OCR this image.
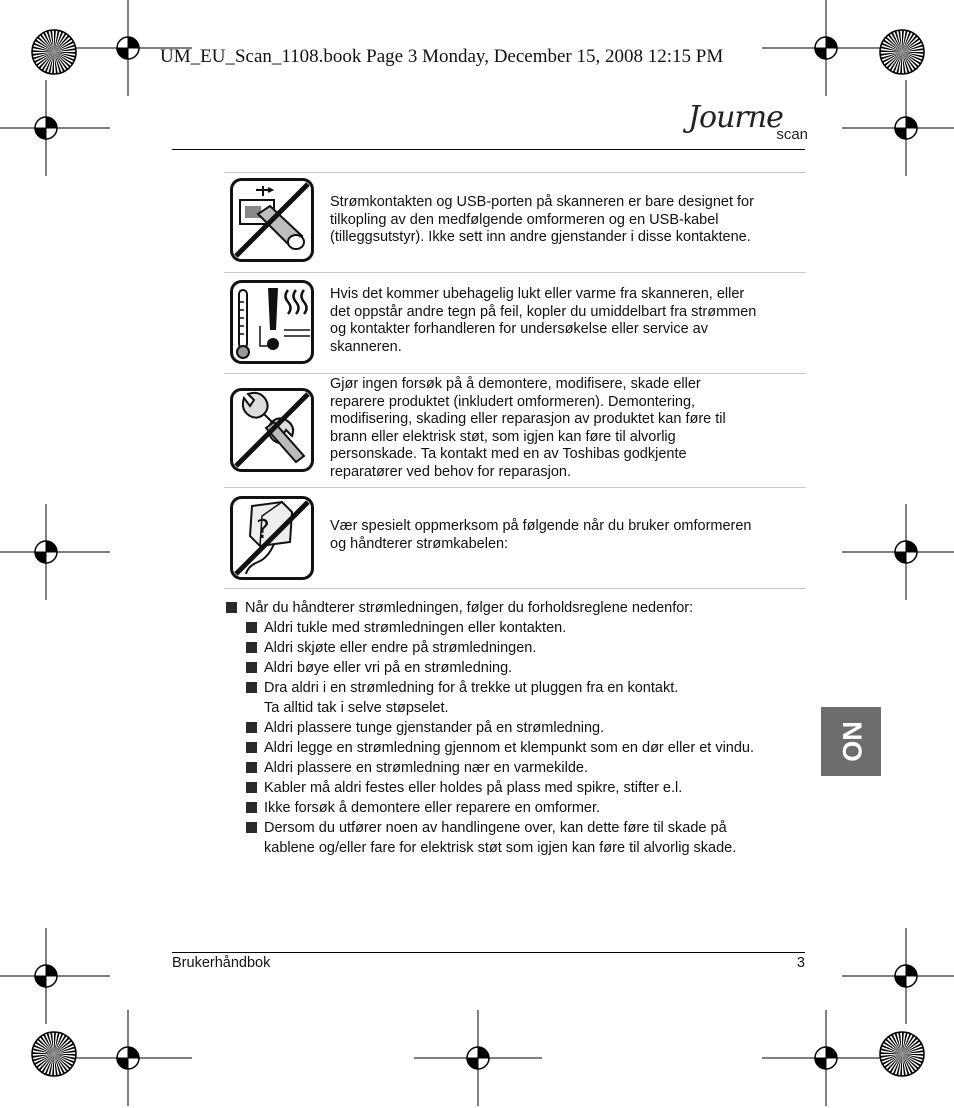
UM_EU_Scan_1108.book Page 3 Monday, December 15, 2008 12:15 PM
Journe
scan
Strømkontakten og USB-porten på skanneren er bare designet for
tilkopling av den medfølgende omformeren og en USB-kabel
(tilleggsutstyr). Ikke sett inn andre gjenstander i disse kontaktene.
Hvis det kommer ubehagelig lukt eller varme fra skanneren, eller
det oppstår andre tegn på feil, kopler du umiddelbart fra strømmen
og kontakter forhandleren for undersøkelse eller service av
skanneren.
Gjør ingen forsøk på å demontere, modifisere, skade eller
reparere produktet (inkludert omformeren). Demontering,
modifisering, skading eller reparasjon av produktet kan føre til
brann eller elektrisk støt, som igjen kan føre til alvorlig
personskade. Ta kontakt med en av Toshibas godkjente
reparatører ved behov for reparasjon.
?	Vær spesielt oppmerksom på følgende når du bruker omformeren
og håndterer strømkabelen:
Når du håndterer strømledningen, følger du forholdsreglene nedenfor:
Aldri tukle med strømledningen eller kontakten.
Aldri skjøte eller endre på strømledningen.
Aldri bøye eller vri på en strømledning.
Dra aldri i en strømledning for å trekke ut pluggen fra en kontakt.
Ta alltid tak i selve støpselet.
Aldri plassere tunge gjenstander på en strømledning.
Aldri legge en strømledning gjennom et klempunkt som en dør eller et vindu.
Aldri plassere en strømledning nær en varmekilde.
Kabler må aldri festes eller holdes på plass med spikre, stifter e.l.
Ikke forsøk å demontere eller reparere en omformer.
Dersom du utfører noen av handlingene over, kan dette føre til skade på
kablene og/eller fare for elektrisk støt som igjen kan føre til alvorlig skade.
NO
Brukerhåndbok	3
